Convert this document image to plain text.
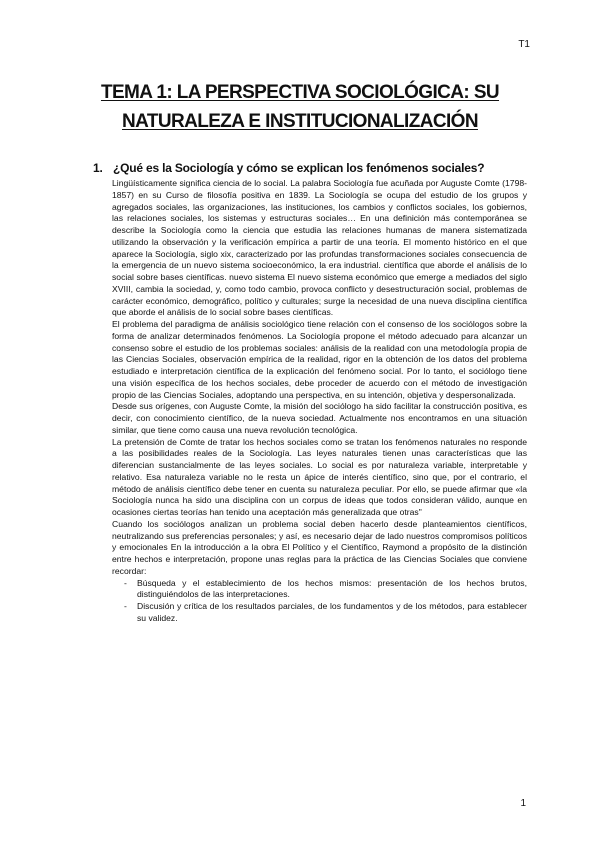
T1
TEMA 1: LA PERSPECTIVA SOCIOLÓGICA: SU
NATURALEZA E INSTITUCIONALIZACIÓN
1. ¿Qué es la Sociología y cómo se explican los fenómenos sociales?

Lingüísticamente significa ciencia de lo social. La palabra Sociología fue acuñada por Auguste Comte (1798-1857) en su Curso de filosofía positiva en 1839. La Sociología se ocupa del estudio de los grupos y agregados sociales, las organizaciones, las instituciones, los cambios y conflictos sociales, los gobiernos, las relaciones sociales, los sistemas y estructuras sociales… En una definición más contemporánea se describe la Sociología como la ciencia que estudia las relaciones humanas de manera sistematizada utilizando la observación y la verificación empírica a partir de una teoría. El momento histórico en el que aparece la Sociología, siglo xix, caracterizado por las profundas transformaciones sociales consecuencia de la emergencia de un nuevo sistema socioeconómico, la era industrial. científica que aborde el análisis de lo social sobre bases científicas. nuevo sistema El nuevo sistema económico que emerge a mediados del siglo XVIII, cambia la sociedad, y, como todo cambio, provoca conflicto y desestructuración social, problemas de carácter económico, demográfico, político y culturales; surge la necesidad de una nueva disciplina científica que aborde el análisis de lo social sobre bases científicas.

El problema del paradigma de análisis sociológico tiene relación con el consenso de los sociólogos sobre la forma de analizar determinados fenómenos. La Sociología propone el método adecuado para alcanzar un consenso sobre el estudio de los problemas sociales: análisis de la realidad con una metodología propia de las Ciencias Sociales, observación empírica de la realidad, rigor en la obtención de los datos del problema estudiado e interpretación científica de la explicación del fenómeno social. Por lo tanto, el sociólogo tiene una visión específica de los hechos sociales, debe proceder de acuerdo con el método de investigación propio de las Ciencias Sociales, adoptando una perspectiva, en su intención, objetiva y despersonalizada.

Desde sus orígenes, con Auguste Comte, la misión del sociólogo ha sido facilitar la construcción positiva, es decir, con conocimiento científico, de la nueva sociedad. Actualmente nos encontramos en una situación similar, que tiene como causa una nueva revolución tecnológica.

La pretensión de Comte de tratar los hechos sociales como se tratan los fenómenos naturales no responde a las posibilidades reales de la Sociología. Las leyes naturales tienen unas características que las diferencian sustancialmente de las leyes sociales. Lo social es por naturaleza variable, interpretable y relativo. Esa naturaleza variable no le resta un ápice de interés científico, sino que, por el contrario, el método de análisis científico debe tener en cuenta su naturaleza peculiar. Por ello, se puede afirmar que «la Sociología nunca ha sido una disciplina con un corpus de ideas que todos consideran válido, aunque en ocasiones ciertas teorías han tenido una aceptación más generalizada que otras"

Cuando los sociólogos analizan un problema social deben hacerlo desde planteamientos científicos, neutralizando sus preferencias personales; y así, es necesario dejar de lado nuestros compromisos políticos y emocionales En la introducción a la obra El Político y el Científico, Raymond a propósito de la distinción entre hechos e interpretación, propone unas reglas para la práctica de las Ciencias Sociales que conviene recordar:

- Búsqueda y el establecimiento de los hechos mismos: presentación de los hechos brutos, distinguiéndolos de las interpretaciones.
- Discusión y crítica de los resultados parciales, de los fundamentos y de los métodos, para establecer su validez.
1
